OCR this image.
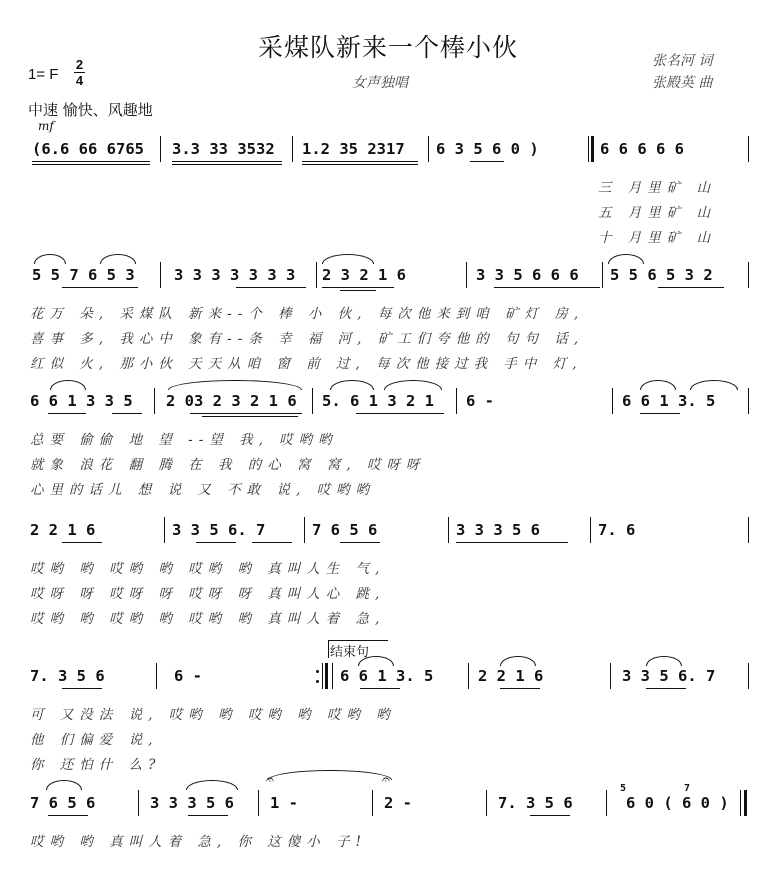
采煤队新来一个棒小伙
女声独唱
张名河 词
张殿英 曲
1= F
2
4
中速 愉快、风趣地
mf
(6.6 66 6765 3.3 33 3532 1.2 35 2317 6 3 5 6 0 )	6 6 6 6 6
三 月里矿 山
五 月里矿 山
十 月里矿 山
5 5 7 6 5 3	3 3 3 3 3 3 3 2 3 2 1 6	3 3 5 6 6 6 5 5 6 5 3 2
花万 朵, 采煤队 新来--个 棒 小 伙, 每次他来到咱 矿灯 房,
喜事 多, 我心中 象有--条 幸 福 河, 矿工们夸他的 句句 话,
红似 火, 那小伙 天天从咱 窗 前 过, 每次他接过我 手中 灯,
6 6 1 3 3 5 2 03 2 3 2 1 6 5. 6 1 3 2 1 6 -	6 6 1 3. 5
总要 偷偷 地 望 --望 我, 哎哟哟
就象 浪花 翻 腾 在 我 的心 窝 窝, 哎呀呀
心里的话儿 想 说 又 不敢 说, 哎哟哟
2 2 1 6	3 3 5 6. 7	7 6 5 6	3 3 3 5 6	7. 6
哎哟 哟 哎哟 哟 哎哟 哟 真叫人生 气,
哎呀 呀 哎呀 呀 哎呀 呀 真叫人心 跳,
哎哟 哟 哎哟 哟 哎哟 哟 真叫人着 急,
结束句
7. 3 5 6	6 -	6 6 1 3. 5	2 2 1 6	3 3 5 6. 7
可 又没法 说, 哎哟 哟 哎哟 哟 哎哟 哟
他 们偏爱 说,
你 还怕什 么?
𝄐	𝄐
5	7
7 6 5 6	3 3 3 5 6 1 -	2 -	7. 3 5 6	6 0 ( 6 0 )
哎哟 哟 真叫人着 急, 你 这傻小 子!
